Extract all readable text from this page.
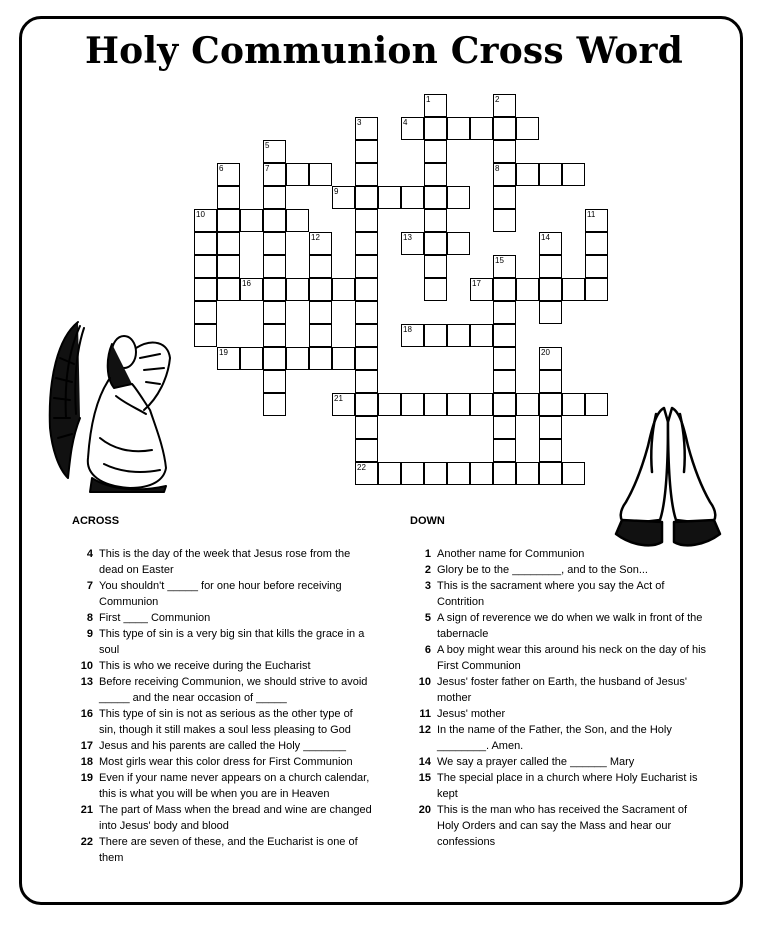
Holy Communion Cross Word
1	2
3	4
5
6	7	8
9
10	11
12	13	14
15
16	17
18
19	20
21
22
ACROSS
4 This is the day of the week that Jesus rose from the dead on Easter
7 You shouldn't _____ for one hour before receiving Communion
8 First ____ Communion
9 This type of sin is a very big sin that kills the grace in a soul
10 This is who we receive during the Eucharist
13 Before receiving Communion, we should strive to avoid _____ and the near occasion of _____
16 This type of sin is not as serious as the other type of sin, though it still makes a soul less pleasing to God
17 Jesus and his parents are called the Holy _______
18 Most girls wear this color dress for First Communion
19 Even if your name never appears on a church calendar, this is what you will be when you are in Heaven
21 The part of Mass when the bread and wine are changed into Jesus' body and blood
22 There are seven of these, and the Eucharist is one of them
DOWN
1 Another name for Communion
2 Glory be to the ________, and to the Son...
3 This is the sacrament where you say the Act of Contrition
5 A sign of reverence we do when we walk in front of the tabernacle
6 A boy might wear this around his neck on the day of his First Communion
10 Jesus' foster father on Earth, the husband of Jesus' mother
11 Jesus' mother
12 In the name of the Father, the Son, and the Holy ________. Amen.
14 We say a prayer called the ______ Mary
15 The special place in a church where Holy Eucharist is kept
20 This is the man who has received the Sacrament of Holy Orders and can say the Mass and hear our confessions
